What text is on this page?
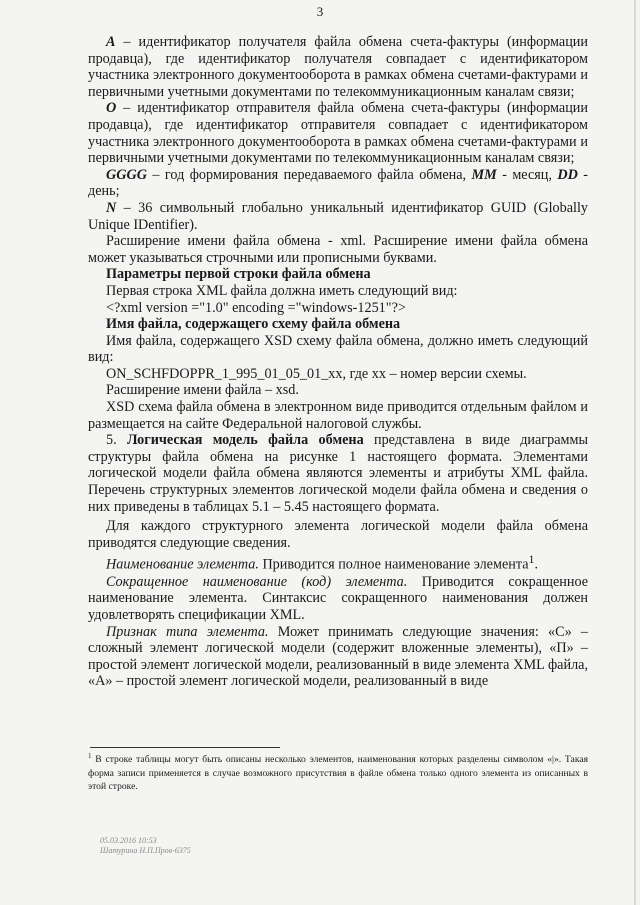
3

А – идентификатор получателя файла обмена счета-фактуры (информации продавца), где идентификатор получателя совпадает с идентификатором участника электронного документооборота в рамках обмена счетами-фактурами и первичными учетными документами по телекоммуникационным каналам связи;

О – идентификатор отправителя файла обмена счета-фактуры (информации продавца), где идентификатор отправителя совпадает с идентификатором участника электронного документооборота в рамках обмена счетами-фактурами и первичными учетными документами по телекоммуникационным каналам связи;

GGGG – год формирования передаваемого файла обмена, ММ - месяц, DD - день;

N – 36 символьный глобально уникальный идентификатор GUID (Globally Unique IDentifier).

Расширение имени файла обмена - xml. Расширение имени файла обмена может указываться строчными или прописными буквами.

Параметры первой строки файла обмена

Первая строка XML файла должна иметь следующий вид:

<?xml version ="1.0" encoding ="windows-1251"?>

Имя файла, содержащего схему файла обмена

Имя файла, содержащего XSD схему файла обмена, должно иметь следующий вид:

ON_SCHFDOPPR_1_995_01_05_01_xx, где хх – номер версии схемы.

Расширение имени файла – xsd.

XSD схема файла обмена в электронном виде приводится отдельным файлом и размещается на сайте Федеральной налоговой службы.

5. Логическая модель файла обмена представлена в виде диаграммы структуры файла обмена на рисунке 1 настоящего формата. Элементами логической модели файла обмена являются элементы и атрибуты XML файла. Перечень структурных элементов логической модели файла обмена и сведения о них приведены в таблицах 5.1 – 5.45 настоящего формата.

Для каждого структурного элемента логической модели файла обмена приводятся следующие сведения.

Наименование элемента. Приводится полное наименование элемента$^1$.

Сокращенное наименование (код) элемента. Приводится сокращенное наименование элемента. Синтаксис сокращенного наименования должен удовлетворять спецификации XML.

Признак типа элемента. Может принимать следующие значения: «С» – сложный элемент логической модели (содержит вложенные элементы), «П» – простой элемент логической модели, реализованный в виде элемента XML файла, «А» – простой элемент логической модели, реализованный в виде

$^1$ В строке таблицы могут быть описаны несколько элементов, наименования которых разделены символом «|». Такая форма записи применяется в случае возможного присутствия в файле обмена только одного элемента из описанных в этой строке.
05.03.2016 10:53
Шатурина Н.П.Пров-6375
